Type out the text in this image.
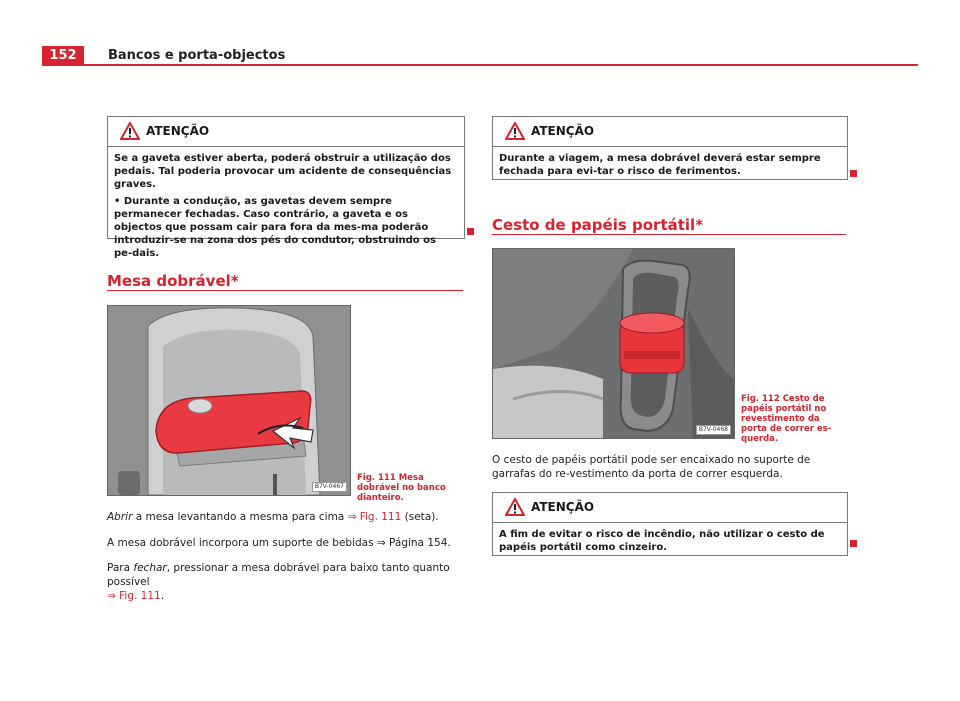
152	Bancos e porta-objectos
ATENÇÃO

Se a gaveta estiver aberta, poderá obstruir a utilização dos pedais. Tal poderia provocar um acidente de consequências graves.

• Durante a condução, as gavetas devem sempre permanecer fechadas. Caso contrário, a gaveta e os objectos que possam cair para fora da mes-ma poderão introduzir-se na zona dos pés do condutor, obstruindo os pe-dais.

Mesa dobrável*
B7V-0467
Fig. 111 Mesa dobrável no banco dianteiro.
Abrir a mesa levantando a mesma para cima ⇒ Fig. 111 (seta).
A mesa dobrável incorpora um suporte de bebidas ⇒ Página 154.
Para fechar, pressionar a mesa dobrável para baixo tanto quanto possível
⇒ Fig. 111.
ATENÇÃO

Durante a viagem, a mesa dobrável deverá estar sempre fechada para evi-tar o risco de ferimentos.

Cesto de papéis portátil*
B7V-0468
Fig. 112 Cesto de papéis portátil no revestimento da porta de correr es-querda.
O cesto de papéis portátil pode ser encaixado no suporte de garrafas do re-vestimento da porta de correr esquerda.
ATENÇÃO

A fim de evitar o risco de incêndio, não utilizar o cesto de papéis portátil como cinzeiro.
